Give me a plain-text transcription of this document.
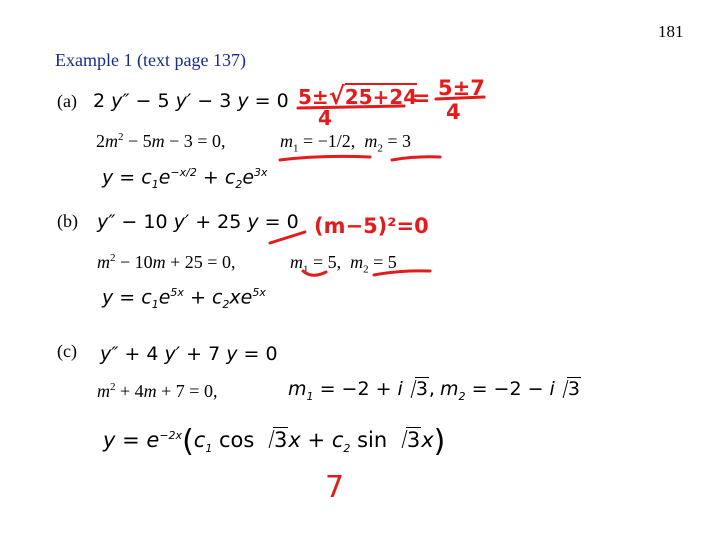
181
Example 1 (text page 137)
(a) 2 y″ − 5 y′ − 3 y = 0
$2m^2 - 5m - 3 = 0$,	$m_1 = -1/2$,  $m_2 = 3$
$y = c_1e^{-x/2} + c_2e^{3x}$
(b) y″ − 10 y′ + 25 y = 0
$m^2 - 10m + 25 = 0$,	$m_1 = 5$,  $m_2 = 5$
$y = c_1e^{5x} + c_2xe^{5x}$
(c) y″ + 4 y′ + 7 y = 0
$m^2 + 4m + 7 = 0$,	$m_1 = -2 + i$ 3, $m_2 = -2 - i$ 3
$y = e^{-2x}(c_1$ $\cos 3x + c_2$ sin 3x)
5±√25+24
4
= 5±7
4
(m−5)²=0
7
